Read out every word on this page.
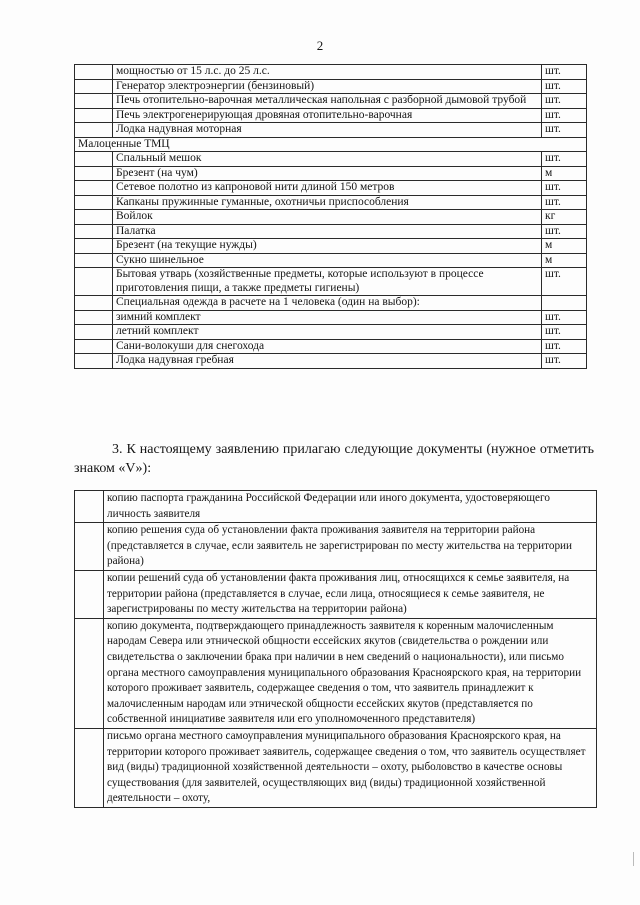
2
	мощностью от 15 л.с. до 25 л.с.	шт.
	Генератор электроэнергии (бензиновый)	шт.
	Печь отопительно-варочная металлическая напольная с разборной дымовой трубой	шт.
	Печь электрогенерирующая дровяная отопительно-варочная	шт.
	Лодка надувная моторная	шт.
Малоценные ТМЦ		
	Спальный мешок	шт.
	Брезент (на чум)	м
	Сетевое полотно из капроновой нити длиной 150 метров	шт.
	Капканы пружинные гуманные, охотничьи приспособления	шт.
	Войлок	кг
	Палатка	шт.
	Брезент (на текущие нужды)	м
	Сукно шинельное	м
	Бытовая утварь (хозяйственные предметы, которые используют в процессе приготовления пищи, а также предметы гигиены)	шт.
	Специальная одежда в расчете на 1 человека (один на выбор):	
	зимний комплект	шт.
	летний комплект	шт.
	Сани-волокуши для снегохода	шт.
	Лодка надувная гребная	шт.
3. К настоящему заявлению прилагаю следующие документы (нужное отметить знаком «V»):
	копию паспорта гражданина Российской Федерации или иного документа, удостоверяющего личность заявителя
	копию решения суда об установлении факта проживания заявителя на территории района (представляется в случае, если заявитель не зарегистрирован по месту жительства на территории района)
	копии решений суда об установлении факта проживания лиц, относящихся к семье заявителя, на территории района (представляется в случае, если лица, относящиеся к семье заявителя, не зарегистрированы по месту жительства на территории района)
	копию документа, подтверждающего принадлежность заявителя к коренным малочисленным народам Севера или этнической общности ессейских якутов (свидетельства о рождении или свидетельства о заключении брака при наличии в нем сведений о национальности), или письмо органа местного самоуправления муниципального образования Красноярского края, на территории которого проживает заявитель, содержащее сведения о том, что заявитель принадлежит к малочисленным народам или этнической общности ессейских якутов (представляется по собственной инициативе заявителя или его уполномоченного представителя)
	письмо органа местного самоуправления муниципального образования Красноярского края, на территории которого проживает заявитель, содержащее сведения о том, что заявитель осуществляет вид (виды) традиционной хозяйственной деятельности – охоту, рыболовство в качестве основы существования (для заявителей, осуществляющих вид (виды) традиционной хозяйственной деятельности – охоту,
